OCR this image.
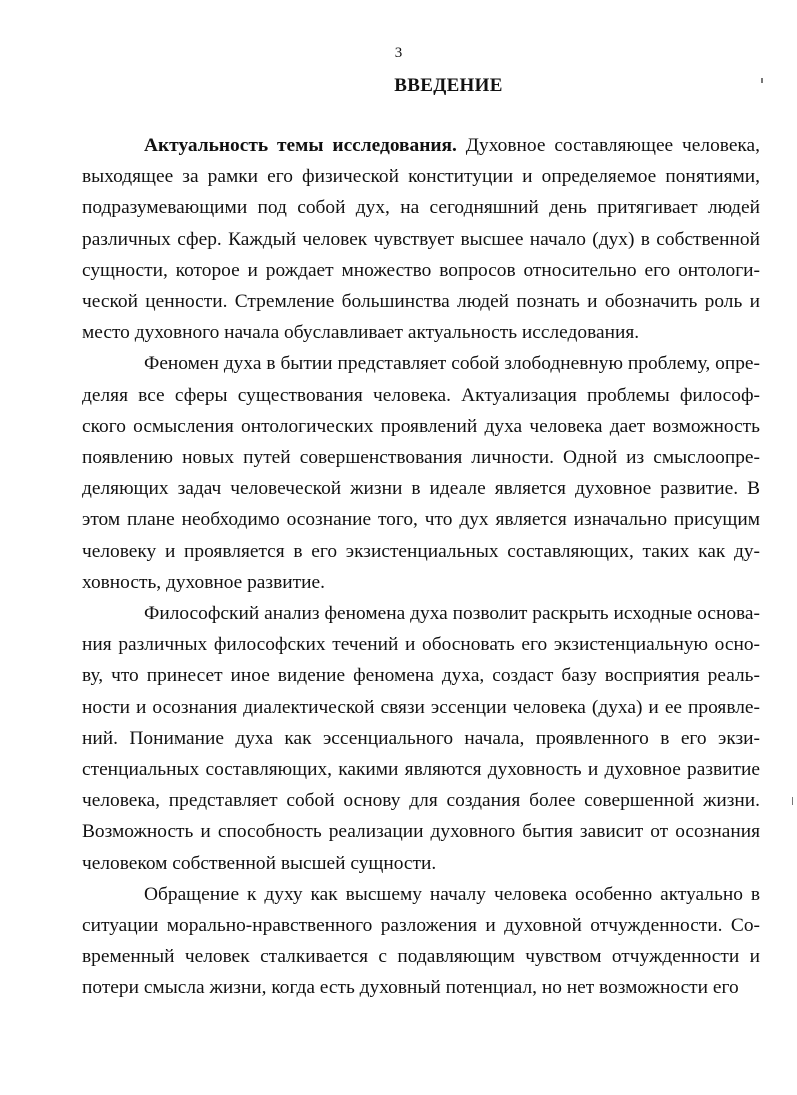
3
ВВЕДЕНИЕ

Актуальность темы исследования. Духовное составляющее человека, выходящее за рамки его физической конституции и определяемое понятиями, подразумевающими под собой дух, на сегодняшний день притягивает людей различных сфер. Каждый человек чувствует высшее начало (дух) в собственной сущности, которое и рождает множество вопросов относительно его онтологической ценности. Стремление большинства людей познать и обозначить роль и место духовного начала обуславливает актуальность исследования.

Феномен духа в бытии представляет собой злободневную проблему, определяя все сферы существования человека. Актуализация проблемы философского осмысления онтологических проявлений духа человека дает возможность появлению новых путей совершенствования личности. Одной из смыслоопределяющих задач человеческой жизни в идеале является духовное развитие. В этом плане необходимо осознание того, что дух является изначально присущим человеку и проявляется в его экзистенциальных составляющих, таких как духовность, духовное развитие.

Философский анализ феномена духа позволит раскрыть исходные основания различных философских течений и обосновать его экзистенциальную основу, что принесет иное видение феномена духа, создаст базу восприятия реальности и осознания диалектической связи эссенции человека (духа) и ее проявлений. Понимание духа как эссенциального начала, проявленного в его экзистенциальных составляющих, какими являются духовность и духовное развитие человека, представляет собой основу для создания более совершенной жизни. Возможность и способность реализации духовного бытия зависит от осознания человеком собственной высшей сущности.

Обращение к духу как высшему началу человека особенно актуально в ситуации морально-нравственного разложения и духовной отчужденности. Современный человек сталкивается с подавляющим чувством отчужденности и потери смысла жизни, когда есть духовный потенциал, но нет возможности его
